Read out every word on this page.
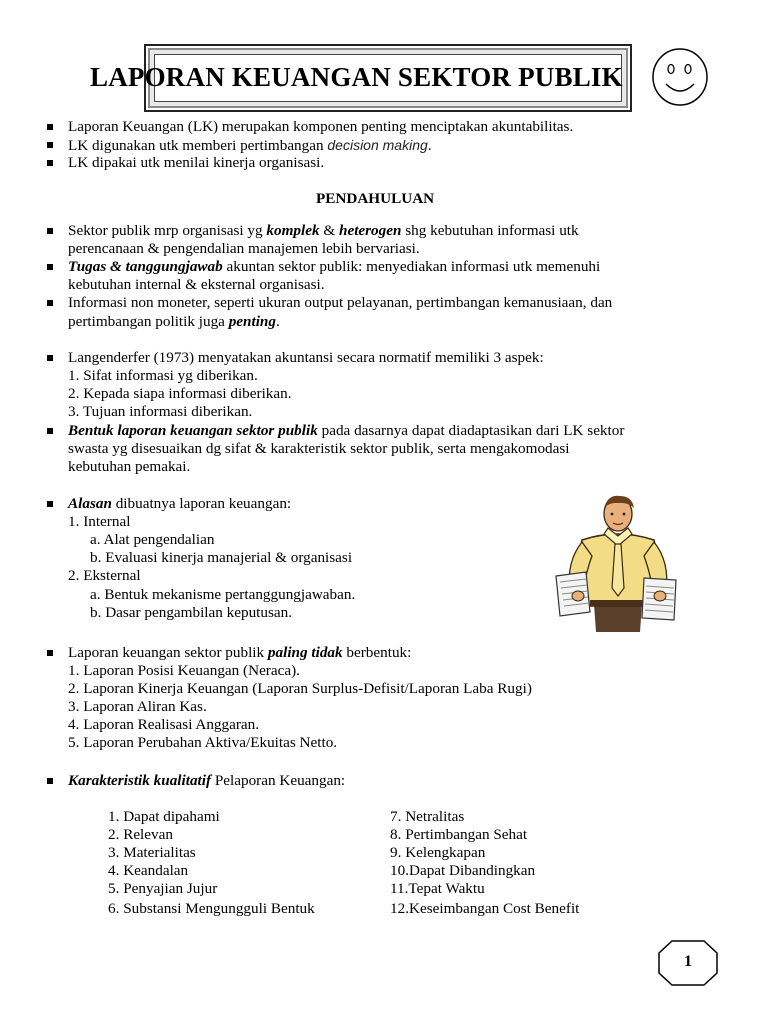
LAPORAN KEUANGAN SEKTOR PUBLIK
Laporan Keuangan (LK) merupakan komponen penting menciptakan akuntabilitas.
LK digunakan utk memberi pertimbangan decision making.
LK dipakai utk menilai kinerja organisasi.
PENDAHULUAN
Sektor publik mrp organisasi yg komplek & heterogen shg kebutuhan informasi utk
perencanaan & pengendalian manajemen lebih bervariasi.
Tugas & tanggungjawab akuntan sektor publik: menyediakan informasi utk memenuhi
kebutuhan internal & eksternal organisasi.
Informasi non moneter, seperti ukuran output pelayanan, pertimbangan kemanusiaan, dan
pertimbangan politik juga penting.
Langenderfer (1973) menyatakan akuntansi secara normatif memiliki 3 aspek:
1. Sifat informasi yg diberikan.
2. Kepada siapa informasi diberikan.
3. Tujuan informasi diberikan.
Bentuk laporan keuangan sektor publik pada dasarnya dapat diadaptasikan dari LK sektor
swasta yg disesuaikan dg sifat & karakteristik sektor publik, serta mengakomodasi
kebutuhan pemakai.
Alasan dibuatnya laporan keuangan:
1. Internal
a. Alat pengendalian
b. Evaluasi kinerja manajerial & organisasi
2. Eksternal
a. Bentuk mekanisme pertanggungjawaban.
b. Dasar pengambilan keputusan.
Laporan keuangan sektor publik paling tidak berbentuk:
1. Laporan Posisi Keuangan (Neraca).
2. Laporan Kinerja Keuangan (Laporan Surplus-Defisit/Laporan Laba Rugi)
3. Laporan Aliran Kas.
4. Laporan Realisasi Anggaran.
5. Laporan Perubahan Aktiva/Ekuitas Netto.
Karakteristik kualitatif Pelaporan Keuangan:
1. Dapat dipahami
2. Relevan
3. Materialitas
4. Keandalan
5. Penyajian Jujur
6. Substansi Mengungguli Bentuk
7. Netralitas
8. Pertimbangan Sehat
9. Kelengkapan
10.Dapat Dibandingkan
11.Tepat Waktu
12.Keseimbangan Cost Benefit
1
